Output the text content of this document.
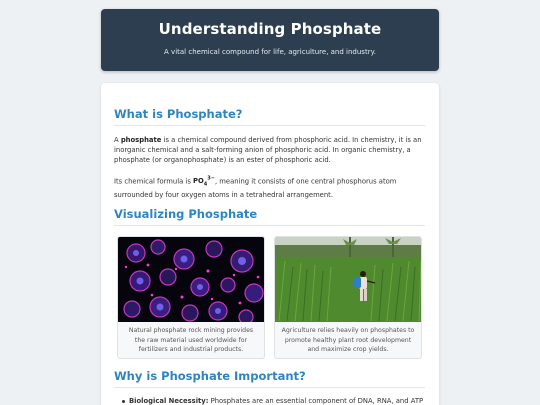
Understanding Phosphate

A vital chemical compound for life, agriculture, and industry.

What is Phosphate?

A phosphate is a chemical compound derived from phosphoric acid. In chemistry, it is an inorganic chemical and a salt-forming anion of phosphoric acid. In organic chemistry, a phosphate (or organophosphate) is an ester of phosphoric acid.

Its chemical formula is $PO_4^{3-}$, meaning it consists of one central phosphorus atom surrounded by four oxygen atoms in a tetrahedral arrangement.

Visualizing Phosphate
Natural phosphate rock mining provides the raw material used worldwide for fertilizers and industrial products.
Agriculture relies heavily on phosphates to promote healthy plant root development and maximize crop yields.
Why is Phosphate Important?
Biological Necessity: Phosphates are an essential component of DNA, RNA, and ATP
